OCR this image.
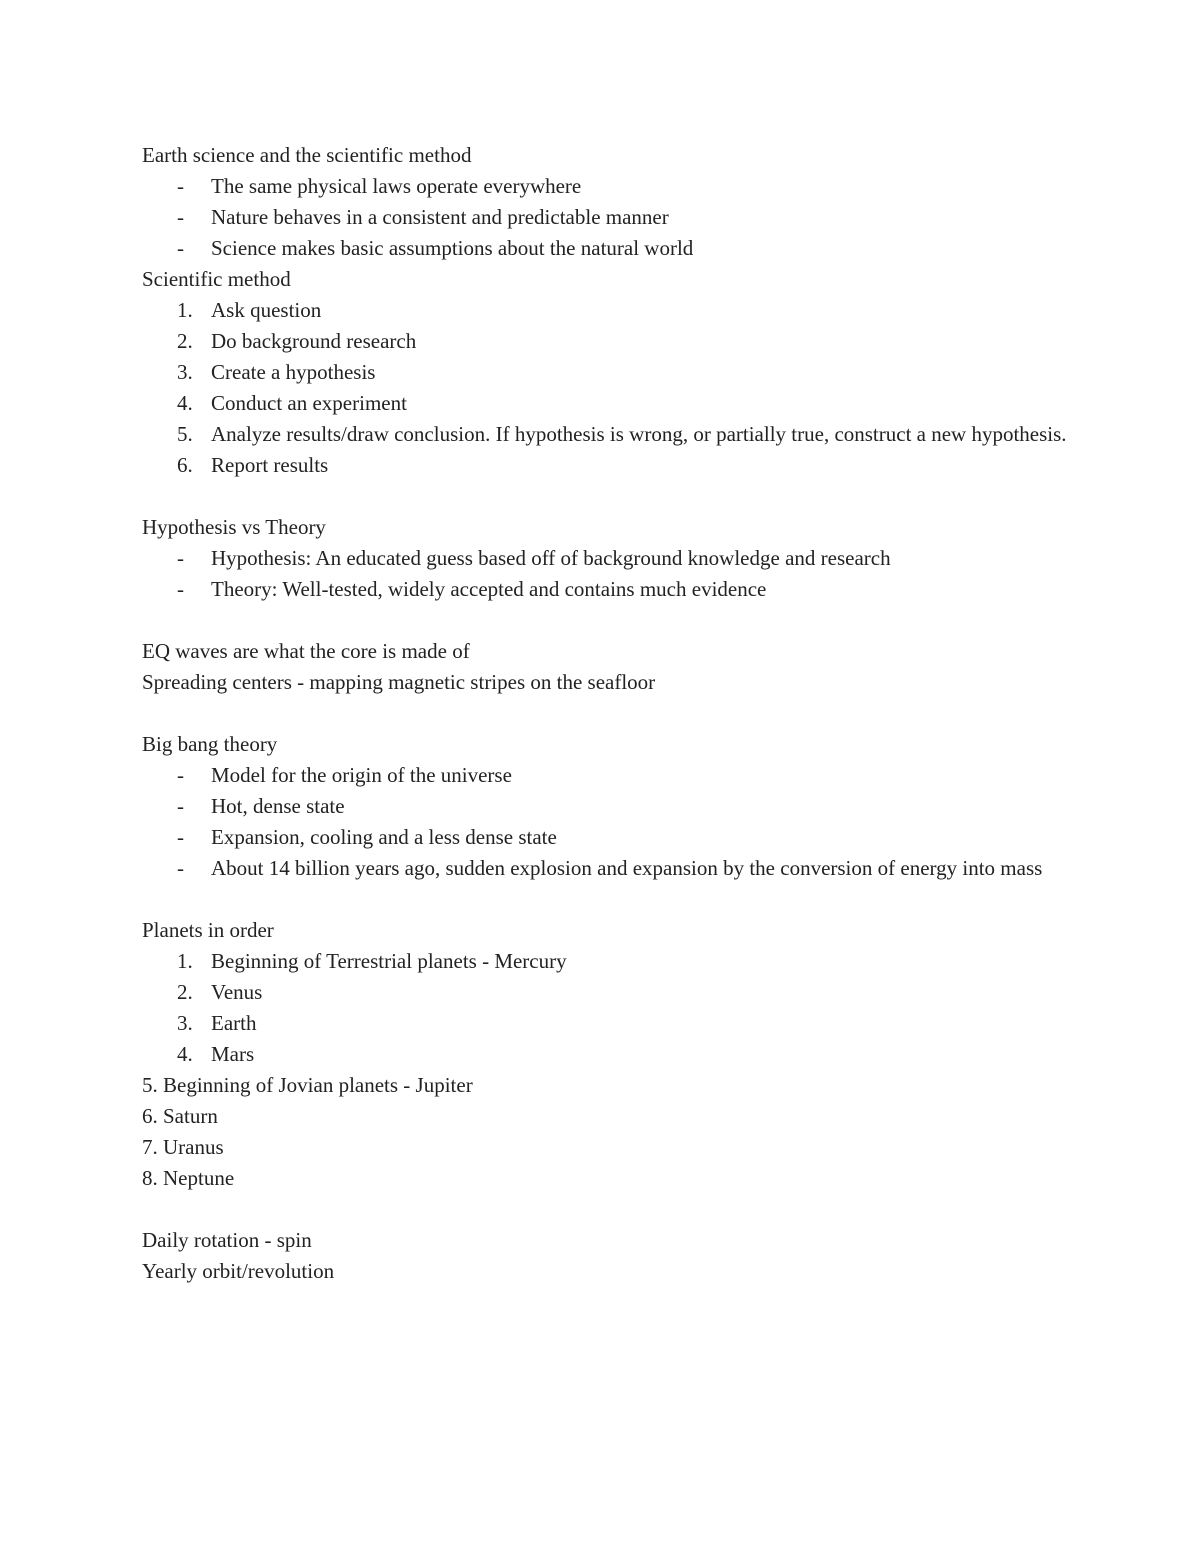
Earth science and the scientific method
- The same physical laws operate everywhere
- Nature behaves in a consistent and predictable manner
- Science makes basic assumptions about the natural world
Scientific method
1. Ask question
2. Do background research
3. Create a hypothesis
4. Conduct an experiment
5. Analyze results/draw conclusion. If hypothesis is wrong, or partially true, construct a new hypothesis.
6. Report results
Hypothesis vs Theory
- Hypothesis: An educated guess based off of background knowledge and research
- Theory: Well-tested, widely accepted and contains much evidence
EQ waves are what the core is made of
Spreading centers - mapping magnetic stripes on the seafloor
Big bang theory
- Model for the origin of the universe
- Hot, dense state
- Expansion, cooling and a less dense state
- About 14 billion years ago, sudden explosion and expansion by the conversion of energy into mass
Planets in order
1. Beginning of Terrestrial planets - Mercury
2. Venus
3. Earth
4. Mars
5. Beginning of Jovian planets - Jupiter
6. Saturn
7. Uranus
8. Neptune
Daily rotation - spin
Yearly orbit/revolution
